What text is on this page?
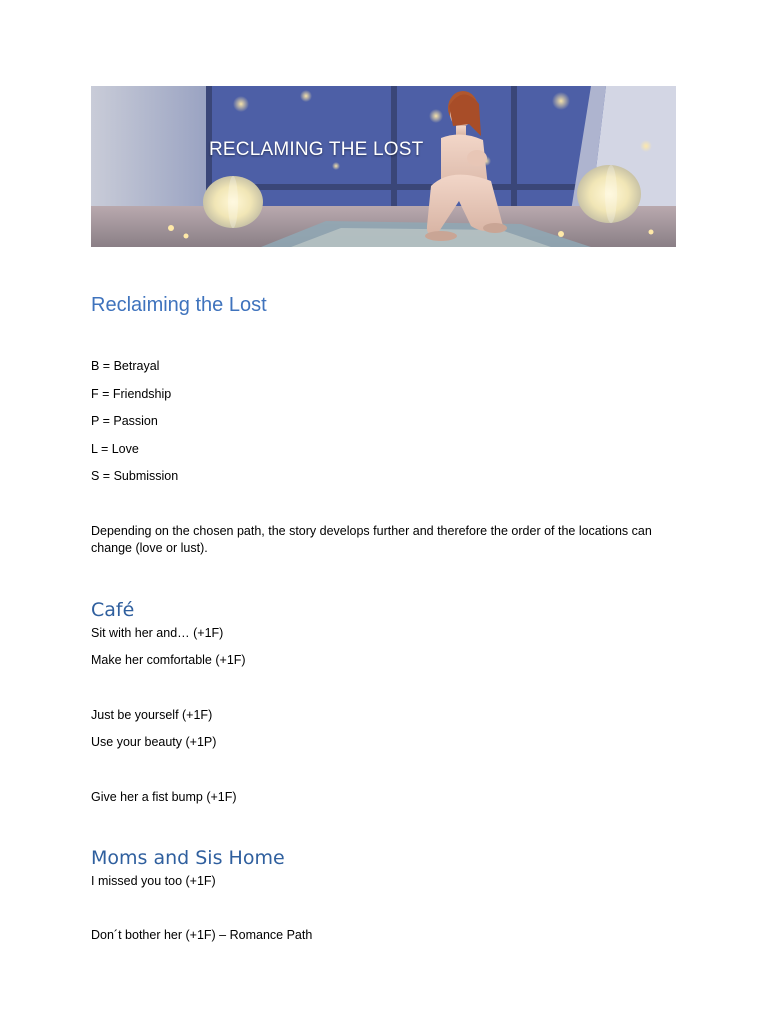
RECLAMING THE LOST
Reclaiming the Lost
B = Betrayal
F = Friendship
P = Passion
L = Love
S = Submission
Depending on the chosen path, the story develops further and therefore the order of the locations can change (love or lust).
Café
Sit with her and… (+1F)
Make her comfortable (+1F)
Just be yourself (+1F)
Use your beauty (+1P)
Give her a fist bump (+1F)
Moms and Sis Home
I missed you too (+1F)
Don´t bother her (+1F) – Romance Path
